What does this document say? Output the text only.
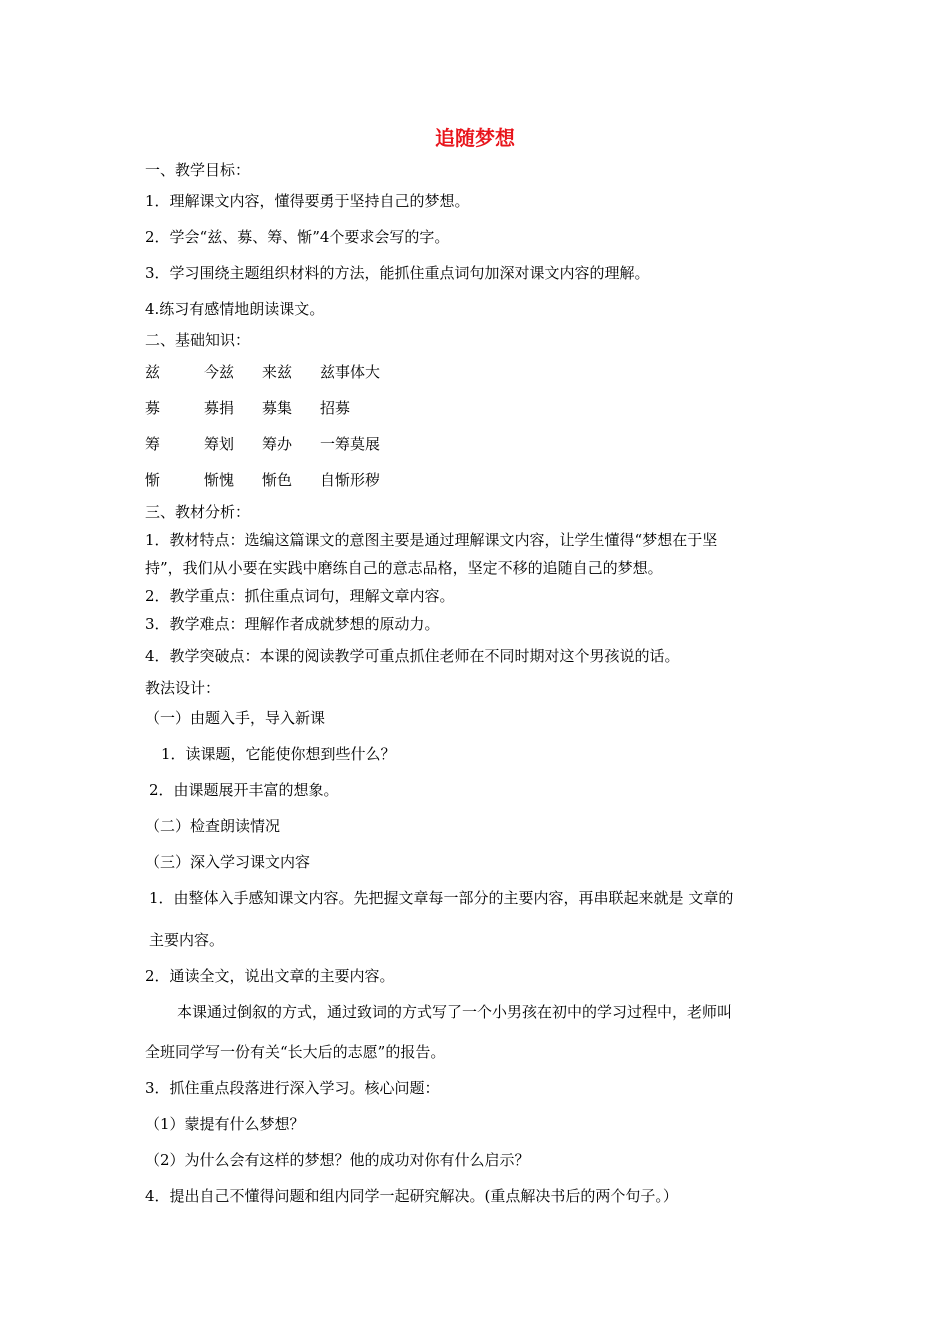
追随梦想
一、教学目标：
1．理解课文内容，懂得要勇于坚持自己的梦想。
2．学会“兹、募、筹、惭”4个要求会写的字。
3．学习围绕主题组织材料的方法，能抓住重点词句加深对课文内容的理解。
4.练习有感情地朗读课文。
二、基础知识：
兹	今兹 来兹 兹事体大
募	募捐 募集 招募
筹	筹划 筹办 一筹莫展
惭	惭愧 惭色 自惭形秽
三、教材分析：
1．教材特点：选编这篇课文的意图主要是通过理解课文内容，让学生懂得“梦想在于坚
持”，我们从小要在实践中磨练自己的意志品格，坚定不移的追随自己的梦想。
2．教学重点：抓住重点词句，理解文章内容。
3．教学难点：理解作者成就梦想的原动力。
4．教学突破点：本课的阅读教学可重点抓住老师在不同时期对这个男孩说的话。
教法设计：
（一）由题入手，导入新课
1．读课题，它能使你想到些什么？
2．由课题展开丰富的想象。
（二）检查朗读情况
（三）深入学习课文内容
1．由整体入手感知课文内容。先把握文章每一部分的主要内容，再串联起来就是 文章的
主要内容。
2．通读全文，说出文章的主要内容。
本课通过倒叙的方式，通过致词的方式写了一个小男孩在初中的学习过程中，老师叫
全班同学写一份有关“长大后的志愿”的报告。
3．抓住重点段落进行深入学习。核心问题：
（1）蒙提有什么梦想？
（2）为什么会有这样的梦想？他的成功对你有什么启示？
4．提出自己不懂得问题和组内同学一起研究解决。(重点解决书后的两个句子。）
